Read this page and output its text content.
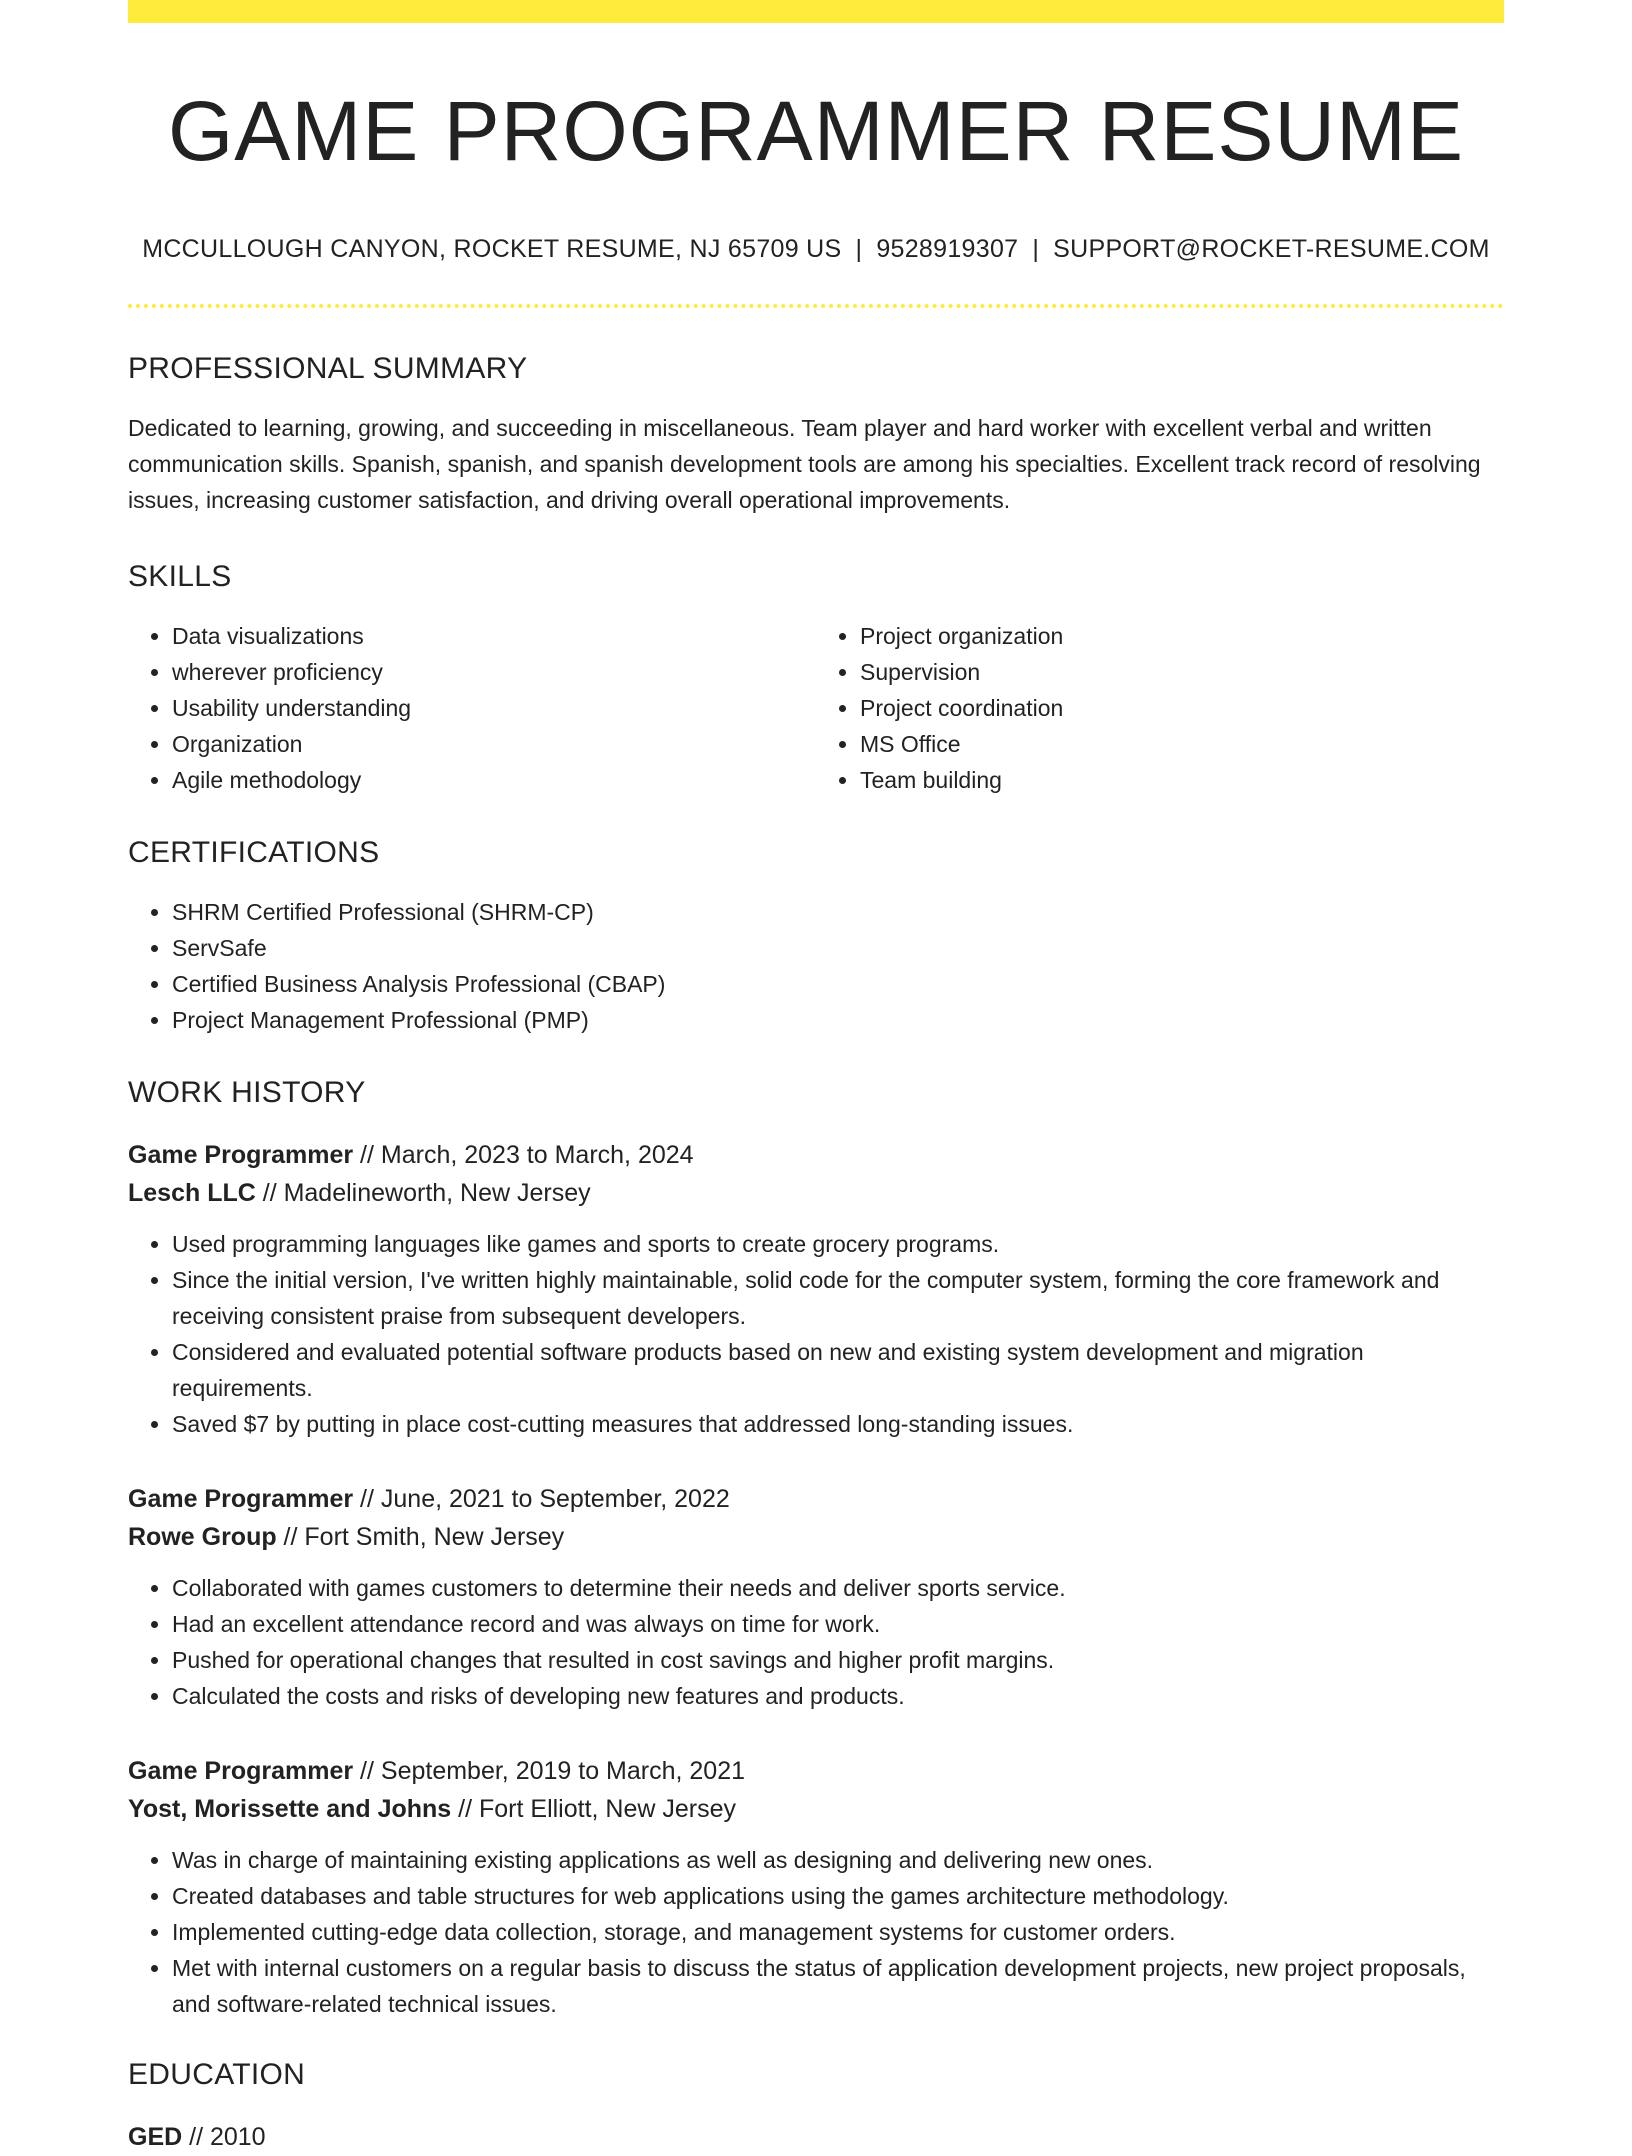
GAME PROGRAMMER RESUME
MCCULLOUGH CANYON, ROCKET RESUME, NJ 65709 US | 9528919307 | SUPPORT@ROCKET-RESUME.COM
PROFESSIONAL SUMMARY
Dedicated to learning, growing, and succeeding in miscellaneous. Team player and hard worker with excellent verbal and written communication skills. Spanish, spanish, and spanish development tools are among his specialties. Excellent track record of resolving issues, increasing customer satisfaction, and driving overall operational improvements.
SKILLS
• Data visualizations
• wherever proficiency
• Usability understanding
• Organization
• Agile methodology
• Project organization
• Supervision
• Project coordination
• MS Office
• Team building
CERTIFICATIONS
• SHRM Certified Professional (SHRM-CP)
• ServSafe
• Certified Business Analysis Professional (CBAP)
• Project Management Professional (PMP)
WORK HISTORY
Game Programmer // March, 2023 to March, 2024
Lesch LLC // Madelineworth, New Jersey
• Used programming languages like games and sports to create grocery programs.
• Since the initial version, I've written highly maintainable, solid code for the computer system, forming the core framework and receiving consistent praise from subsequent developers.
• Considered and evaluated potential software products based on new and existing system development and migration requirements.
• Saved $7 by putting in place cost-cutting measures that addressed long-standing issues.
Game Programmer // June, 2021 to September, 2022
Rowe Group // Fort Smith, New Jersey
• Collaborated with games customers to determine their needs and deliver sports service.
• Had an excellent attendance record and was always on time for work.
• Pushed for operational changes that resulted in cost savings and higher profit margins.
• Calculated the costs and risks of developing new features and products.
Game Programmer // September, 2019 to March, 2021
Yost, Morissette and Johns // Fort Elliott, New Jersey
• Was in charge of maintaining existing applications as well as designing and delivering new ones.
• Created databases and table structures for web applications using the games architecture methodology.
• Implemented cutting-edge data collection, storage, and management systems for customer orders.
• Met with internal customers on a regular basis to discuss the status of application development projects, new project proposals, and software-related technical issues.
EDUCATION
GED // 2010
